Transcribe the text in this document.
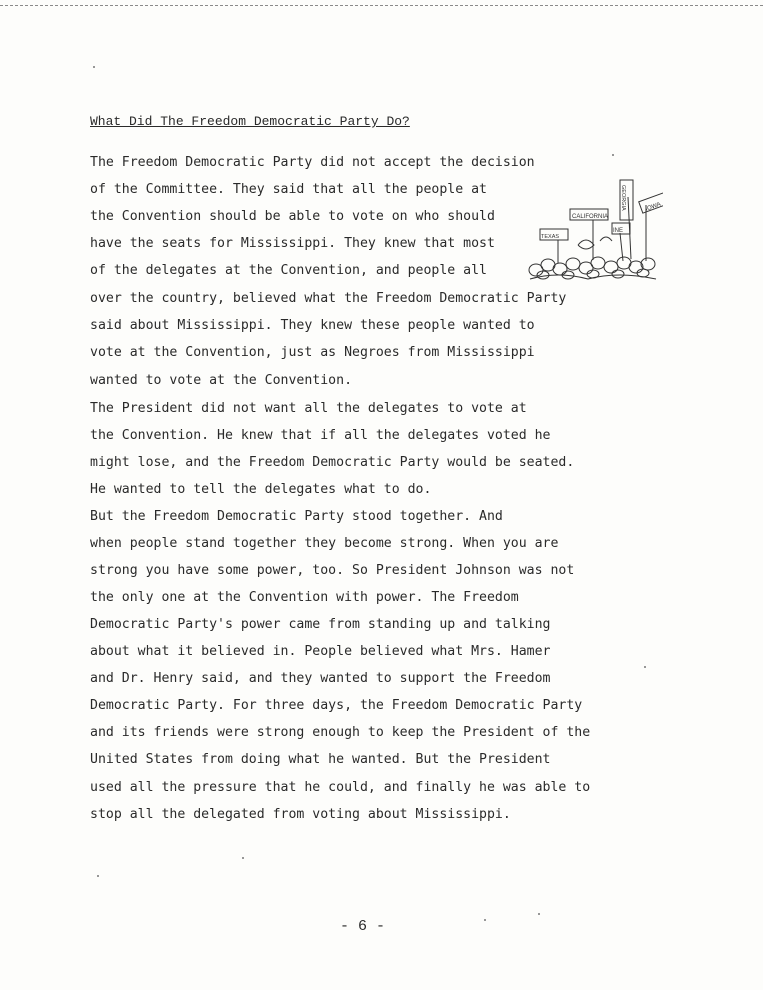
What Did The Freedom Democratic Party Do?
The Freedom Democratic Party did not accept the decision
of the Committee. They said that all the people at
the Convention should be able to vote on who should
have the seats for Mississippi. They knew that most
of the delegates at the Convention, and people all
over the country, believed what the Freedom Democratic Party
said about Mississippi. They knew these people wanted to
vote at the Convention, just as Negroes from Mississippi
wanted to vote at the Convention.
The President did not want all the delegates to vote at
the Convention. He knew that if all the delegates voted he
might lose, and the Freedom Democratic Party would be seated.
He wanted to tell the delegates what to do.
But the Freedom Democratic Party stood together. And
when people stand together they become strong. When you are
strong you have some power, too. So President Johnson was not
the only one at the Convention with power. The Freedom
Democratic Party's power came from standing up and talking
about what it believed in. People believed what Mrs. Hamer
and Dr. Henry said, and they wanted to support the Freedom
Democratic Party. For three days, the Freedom Democratic Party
and its friends were strong enough to keep the President of the
United States from doing what he wanted. But the President
used all the pressure that he could, and finally he was able to
stop all the delegated from voting about Mississippi.
TEXAS
CALIFORNIA
INE
GEORGIA	IOWA
- 6 -
